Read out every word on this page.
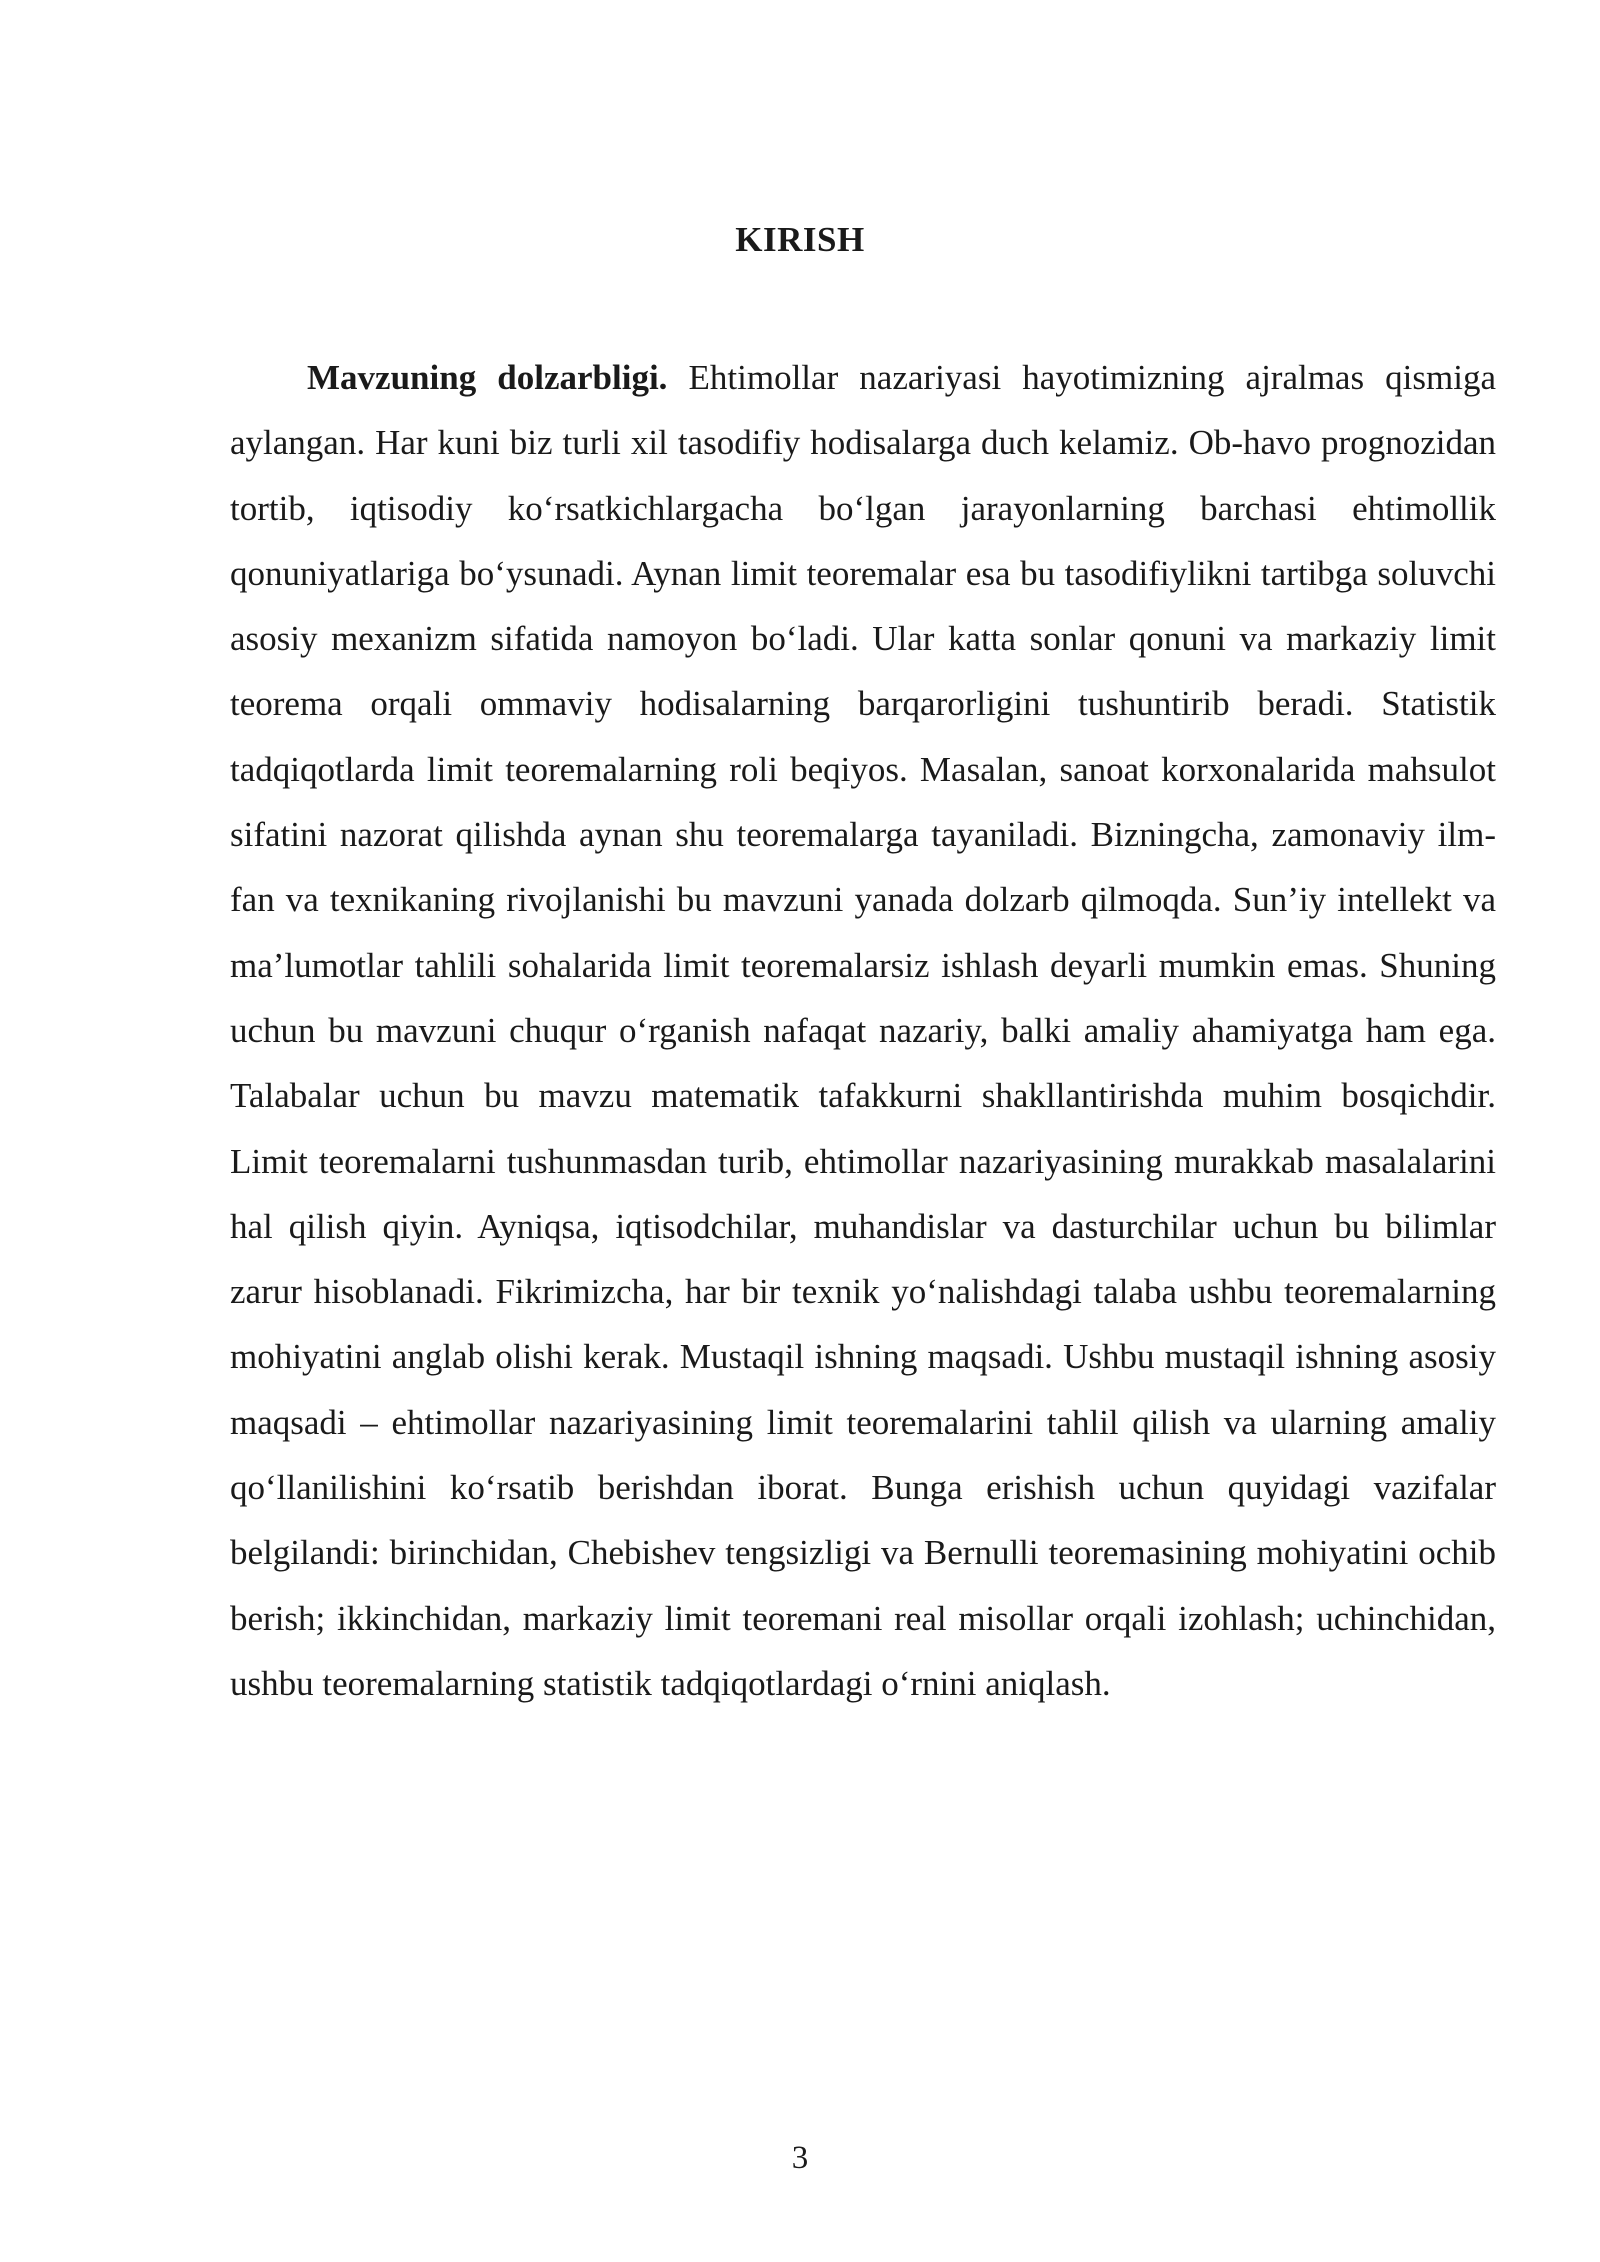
KIRISH

Mavzuning dolzarbligi. Ehtimollar nazariyasi hayotimizning ajralmas qismiga aylangan. Har kuni biz turli xil tasodifiy hodisalarga duch kelamiz. Ob-havo prognozidan tortib, iqtisodiy ko‘rsatkichlargacha bo‘lgan jarayonlarning barchasi ehtimollik qonuniyatlariga bo‘ysunadi. Aynan limit teoremalar esa bu tasodifiylikni tartibga soluvchi asosiy mexanizm sifatida namoyon bo‘ladi. Ular katta sonlar qonuni va markaziy limit teorema orqali ommaviy hodisalarning barqarorligini tushuntirib beradi. Statistik tadqiqotlarda limit teoremalarning roli beqiyos. Masalan, sanoat korxonalarida mahsulot sifatini nazorat qilishda aynan shu teoremalarga tayaniladi. Bizningcha, zamonaviy ilm-fan va texnikaning rivojlanishi bu mavzuni yanada dolzarb qilmoqda. Sun’iy intellekt va ma’lumotlar tahlili sohalarida limit teoremalarsiz ishlash deyarli mumkin emas. Shuning uchun bu mavzuni chuqur o‘rganish nafaqat nazariy, balki amaliy ahamiyatga ham ega. Talabalar uchun bu mavzu matematik tafakkurni shakllantirishda muhim bosqichdir. Limit teoremalarni tushunmasdan turib, ehtimollar nazariyasining murakkab masalalarini hal qilish qiyin. Ayniqsa, iqtisodchilar, muhandislar va dasturchilar uchun bu bilimlar zarur hisoblanadi. Fikrimizcha, har bir texnik yo‘nalishdagi talaba ushbu teoremalarning mohiyatini anglab olishi kerak. Mustaqil ishning maqsadi. Ushbu mustaqil ishning asosiy maqsadi – ehtimollar nazariyasining limit teoremalarini tahlil qilish va ularning amaliy qo‘llanilishini ko‘rsatib berishdan iborat. Bunga erishish uchun quyidagi vazifalar belgilandi: birinchidan, Chebishev tengsizligi va Bernulli teoremasining mohiyatini ochib berish; ikkinchidan, markaziy limit teoremani real misollar orqali izohlash; uchinchidan, ushbu teoremalarning statistik tadqiqotlardagi o‘rnini aniqlash.

3
